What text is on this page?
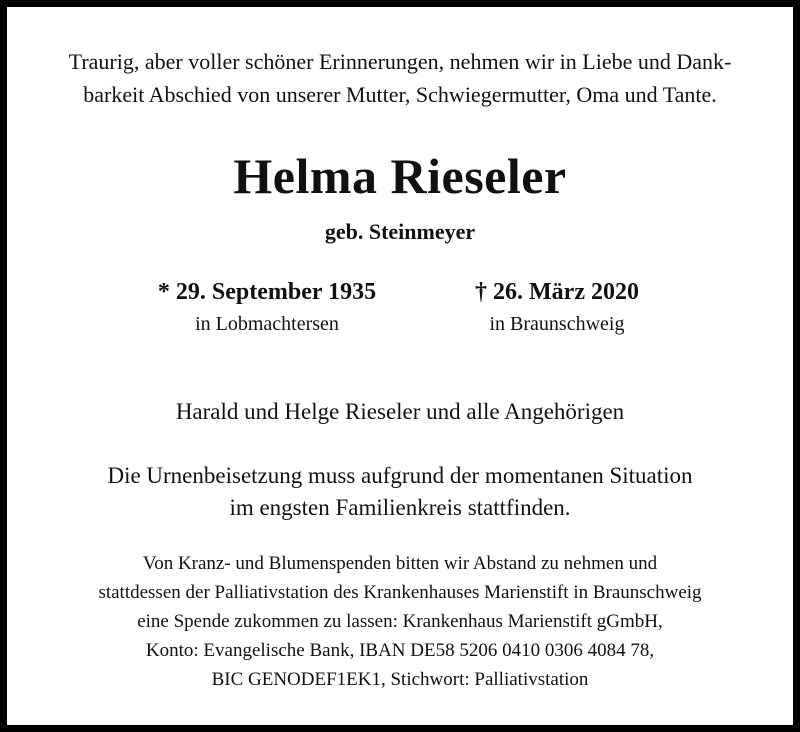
Traurig, aber voller schöner Erinnerungen, nehmen wir in Liebe und Dank-
barkeit Abschied von unserer Mutter, Schwiegermutter, Oma und Tante.
Helma Rieseler
geb. Steinmeyer
* 29. September 1935
in Lobmachtersen
† 26. März 2020
in Braunschweig
Harald und Helge Rieseler und alle Angehörigen
Die Urnenbeisetzung muss aufgrund der momentanen Situation
im engsten Familienkreis stattfinden.
Von Kranz- und Blumenspenden bitten wir Abstand zu nehmen und
stattdessen der Palliativstation des Krankenhauses Marienstift in Braunschweig
eine Spende zukommen zu lassen: Krankenhaus Marienstift gGmbH,
Konto: Evangelische Bank, IBAN DE58 5206 0410 0306 4084 78,
BIC GENODEF1EK1, Stichwort: Palliativstation
